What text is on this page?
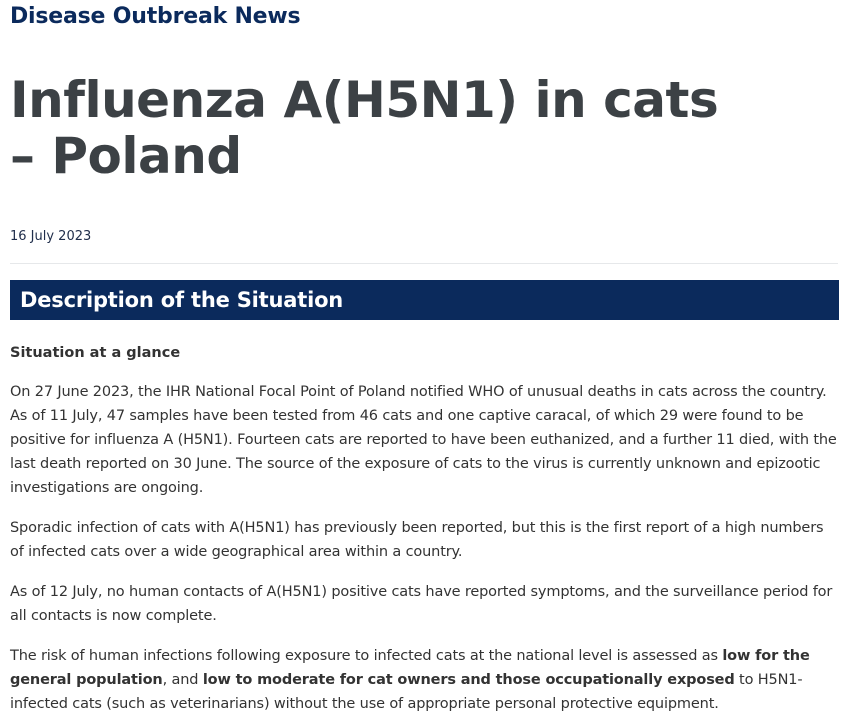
Disease Outbreak News
Influenza A(H5N1) in cats – Poland
16 July 2023
Description of the Situation
Situation at a glance

On 27 June 2023, the IHR National Focal Point of Poland notified WHO of unusual deaths in cats across the country. As of 11 July, 47 samples have been tested from 46 cats and one captive caracal, of which 29 were found to be positive for influenza A (H5N1). Fourteen cats are reported to have been euthanized, and a further 11 died, with the last death reported on 30 June. The source of the exposure of cats to the virus is currently unknown and epizootic investigations are ongoing.

Sporadic infection of cats with A(H5N1) has previously been reported, but this is the first report of a high numbers of infected cats over a wide geographical area within a country.

As of 12 July, no human contacts of A(H5N1) positive cats have reported symptoms, and the surveillance period for all contacts is now complete.

The risk of human infections following exposure to infected cats at the national level is assessed as low for the general population, and low to moderate for cat owners and those occupationally exposed to H5N1-infected cats (such as veterinarians) without the use of appropriate personal protective equipment.
